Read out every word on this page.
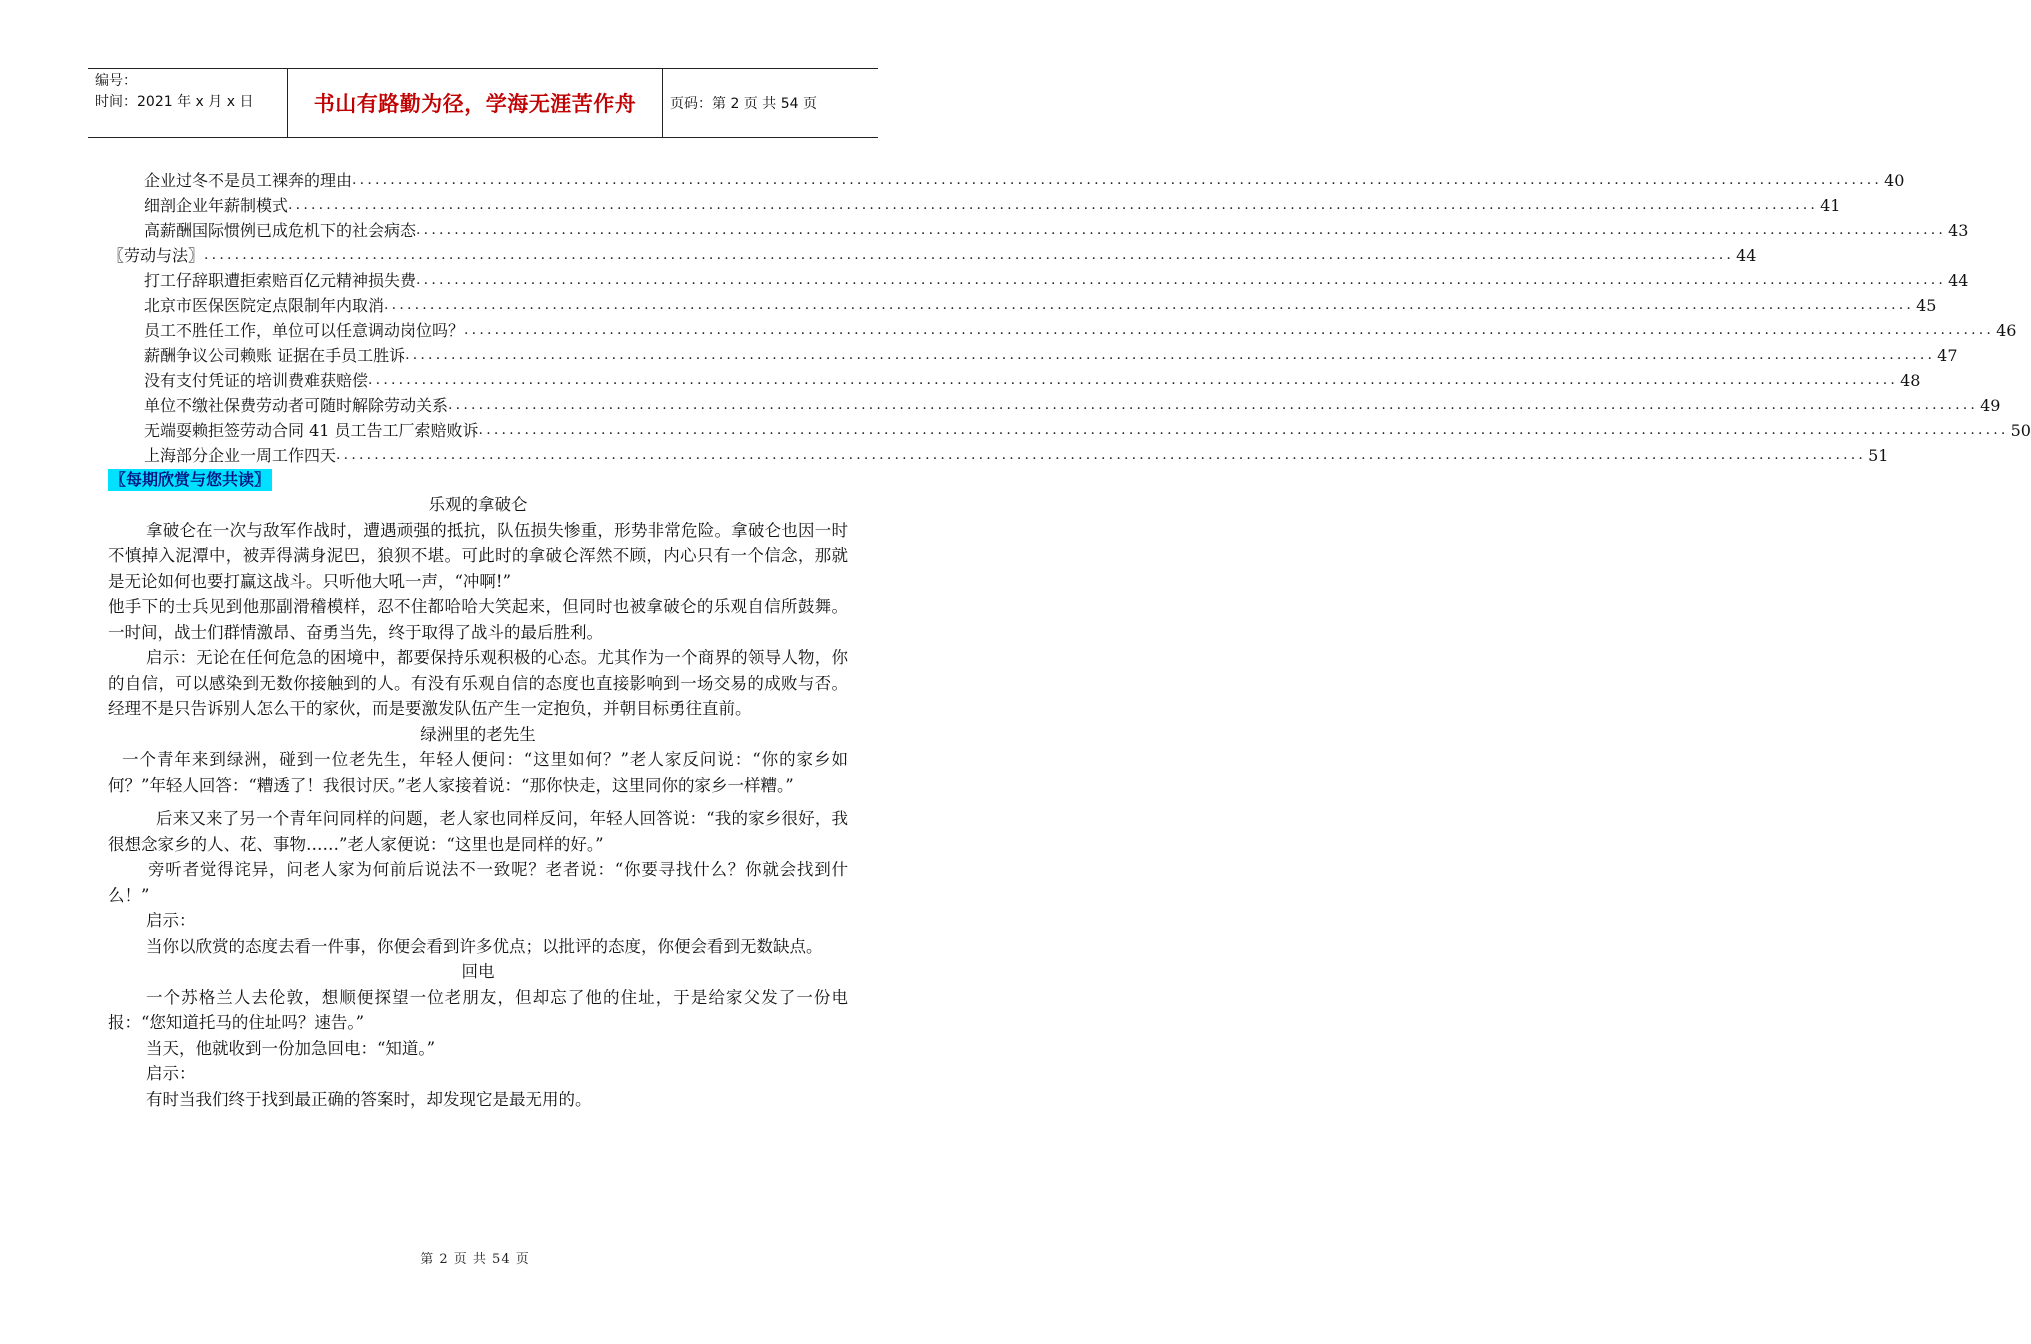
编号：
时间：2021 年 x 月 x 日	书山有路勤为径，学海无涯苦作舟	页码：第 2 页 共 54 页
企业过冬不是员工裸奔的理由 ........................................................................................................................................................................................................ 40
细剖企业年薪制模式 ........................................................................................................................................................................................................ 41
高薪酬国际惯例已成危机下的社会病态 ........................................................................................................................................................................................................ 43
〖劳动与法〗 ........................................................................................................................................................................................................ 44
打工仔辞职遭拒索赔百亿元精神损失费 ........................................................................................................................................................................................................ 44
北京市医保医院定点限制年内取消 ........................................................................................................................................................................................................ 45
员工不胜任工作，单位可以任意调动岗位吗？ ........................................................................................................................................................................................................ 46
薪酬争议公司赖账 证据在手员工胜诉 ........................................................................................................................................................................................................ 47
没有支付凭证的培训费难获赔偿 ........................................................................................................................................................................................................ 48
单位不缴社保费劳动者可随时解除劳动关系 ........................................................................................................................................................................................................ 49
无端耍赖拒签劳动合同 41 员工告工厂索赔败诉 ........................................................................................................................................................................................................ 50
上海部分企业一周工作四天 ........................................................................................................................................................................................................ 51
〖每期欣赏与您共读〗

乐观的拿破仑

拿破仑在一次与敌军作战时，遭遇顽强的抵抗，队伍损失惨重，形势非常危险。拿破仑也因一时不慎掉入泥潭中，被弄得满身泥巴，狼狈不堪。可此时的拿破仑浑然不顾，内心只有一个信念，那就是无论如何也要打赢这战斗。只听他大吼一声，“冲啊!”

他手下的士兵见到他那副滑稽模样，忍不住都哈哈大笑起来，但同时也被拿破仑的乐观自信所鼓舞。一时间，战士们群情激昂、奋勇当先，终于取得了战斗的最后胜利。

启示：无论在任何危急的困境中，都要保持乐观积极的心态。尤其作为一个商界的领导人物，你的自信，可以感染到无数你接触到的人。有没有乐观自信的态度也直接影响到一场交易的成败与否。经理不是只告诉别人怎么干的家伙，而是要激发队伍产生一定抱负，并朝目标勇往直前。

绿洲里的老先生

一个青年来到绿洲，碰到一位老先生，年轻人便问：“这里如何？”老人家反问说：“你的家乡如何？”年轻人回答：“糟透了！我很讨厌。”老人家接着说：“那你快走，这里同你的家乡一样糟。”

后来又来了另一个青年问同样的问题，老人家也同样反问，年轻人回答说：“我的家乡很好，我很想念家乡的人、花、事物……”老人家便说：“这里也是同样的好。”

旁听者觉得诧异，问老人家为何前后说法不一致呢？老者说：“你要寻找什么？你就会找到什么！”

启示：

当你以欣赏的态度去看一件事，你便会看到许多优点；以批评的态度，你便会看到无数缺点。

回电

一个苏格兰人去伦敦，想顺便探望一位老朋友，但却忘了他的住址，于是给家父发了一份电报：“您知道托马的住址吗？速告。”

当天，他就收到一份加急回电：“知道。”

启示：

有时当我们终于找到最正确的答案时，却发现它是最无用的。

第 2 页 共 54 页
